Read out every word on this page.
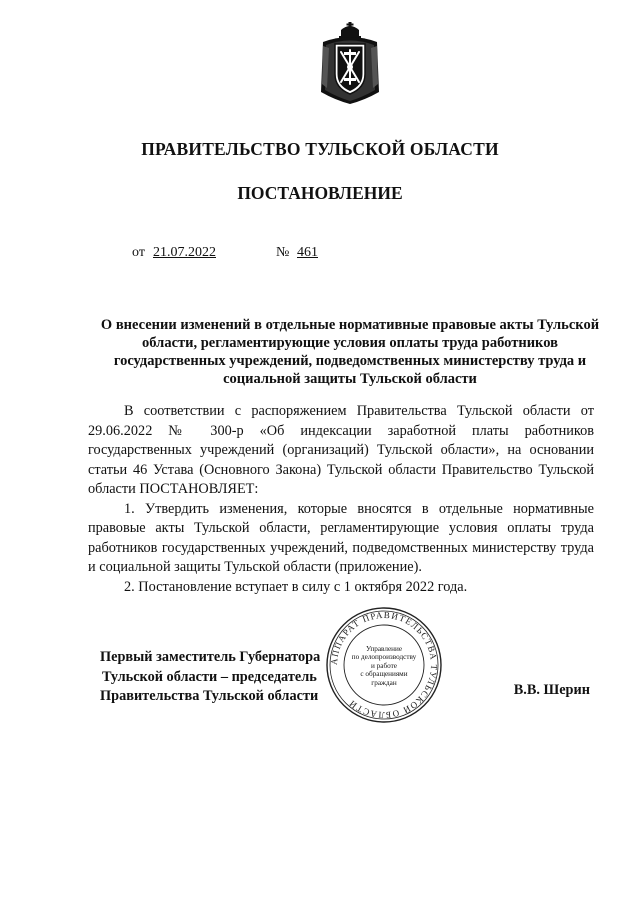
ПРАВИТЕЛЬСТВО ТУЛЬСКОЙ ОБЛАСТИ
ПОСТАНОВЛЕНИЕ
от 21.07.2022	№ 461
О внесении изменений в отдельные нормативные правовые акты Тульской области, регламентирующие условия оплаты труда работников государственных учреждений, подведомственных министерству труда и социальной защиты Тульской области

В соответствии с распоряжением Правительства Тульской области от 29.06.2022 № 300-р «Об индексации заработной платы работников государственных учреждений (организаций) Тульской области», на основании статьи 46 Устава (Основного Закона) Тульской области Правительство Тульской области ПОСТАНОВЛЯЕТ:

1. Утвердить изменения, которые вносятся в отдельные нормативные правовые акты Тульской области, регламентирующие условия оплаты труда работников государственных учреждений, подведомственных министерству труда и социальной защиты Тульской области (приложение).

2. Постановление вступает в силу с 1 октября 2022 года.

Первый заместитель Губернатора
Тульской области – председатель
Правительства Тульской области
АППАРАТ ПРАВИТЕЛЬСТВА ТУЛЬСКОЙ ОБЛАСТИ
Управление
по делопроизводству
и работе
с обращениями
граждан	В.В. Шерин
